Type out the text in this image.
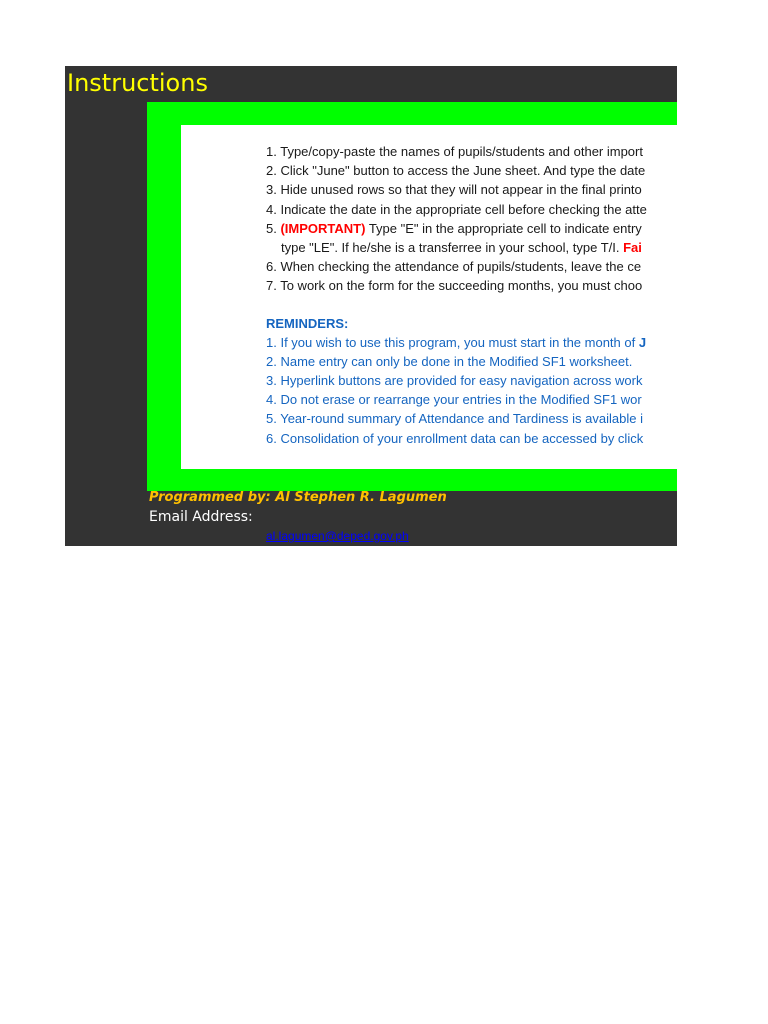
Instructions
1. Type/copy-paste the names of pupils/students and other import
2. Click "June" button to access the June sheet. And type the date
3. Hide unused rows so that they will not appear in the final printo
4. Indicate the date in the appropriate cell before checking the atte
5. (IMPORTANT) Type "E" in the appropriate cell to indicate entry
type "LE". If he/she is a transferree in your school, type T/I. Fai
6. When checking the attendance of pupils/students, leave the ce
7. To work on the form for the succeeding months, you must choo
REMINDERS:
1. If you wish to use this program, you must start in the month of J
2. Name entry can only be done in the Modified SF1 worksheet.
3. Hyperlink buttons are provided for easy navigation across work
4. Do not erase or rearrange your entries in the Modified SF1 wor
5. Year-round summary of Attendance and Tardiness is available i
6. Consolidation of your enrollment data can be accessed by click
Programmed by: Al Stephen R. Lagumen
Email Address:
al.lagumen@deped.gov.ph
